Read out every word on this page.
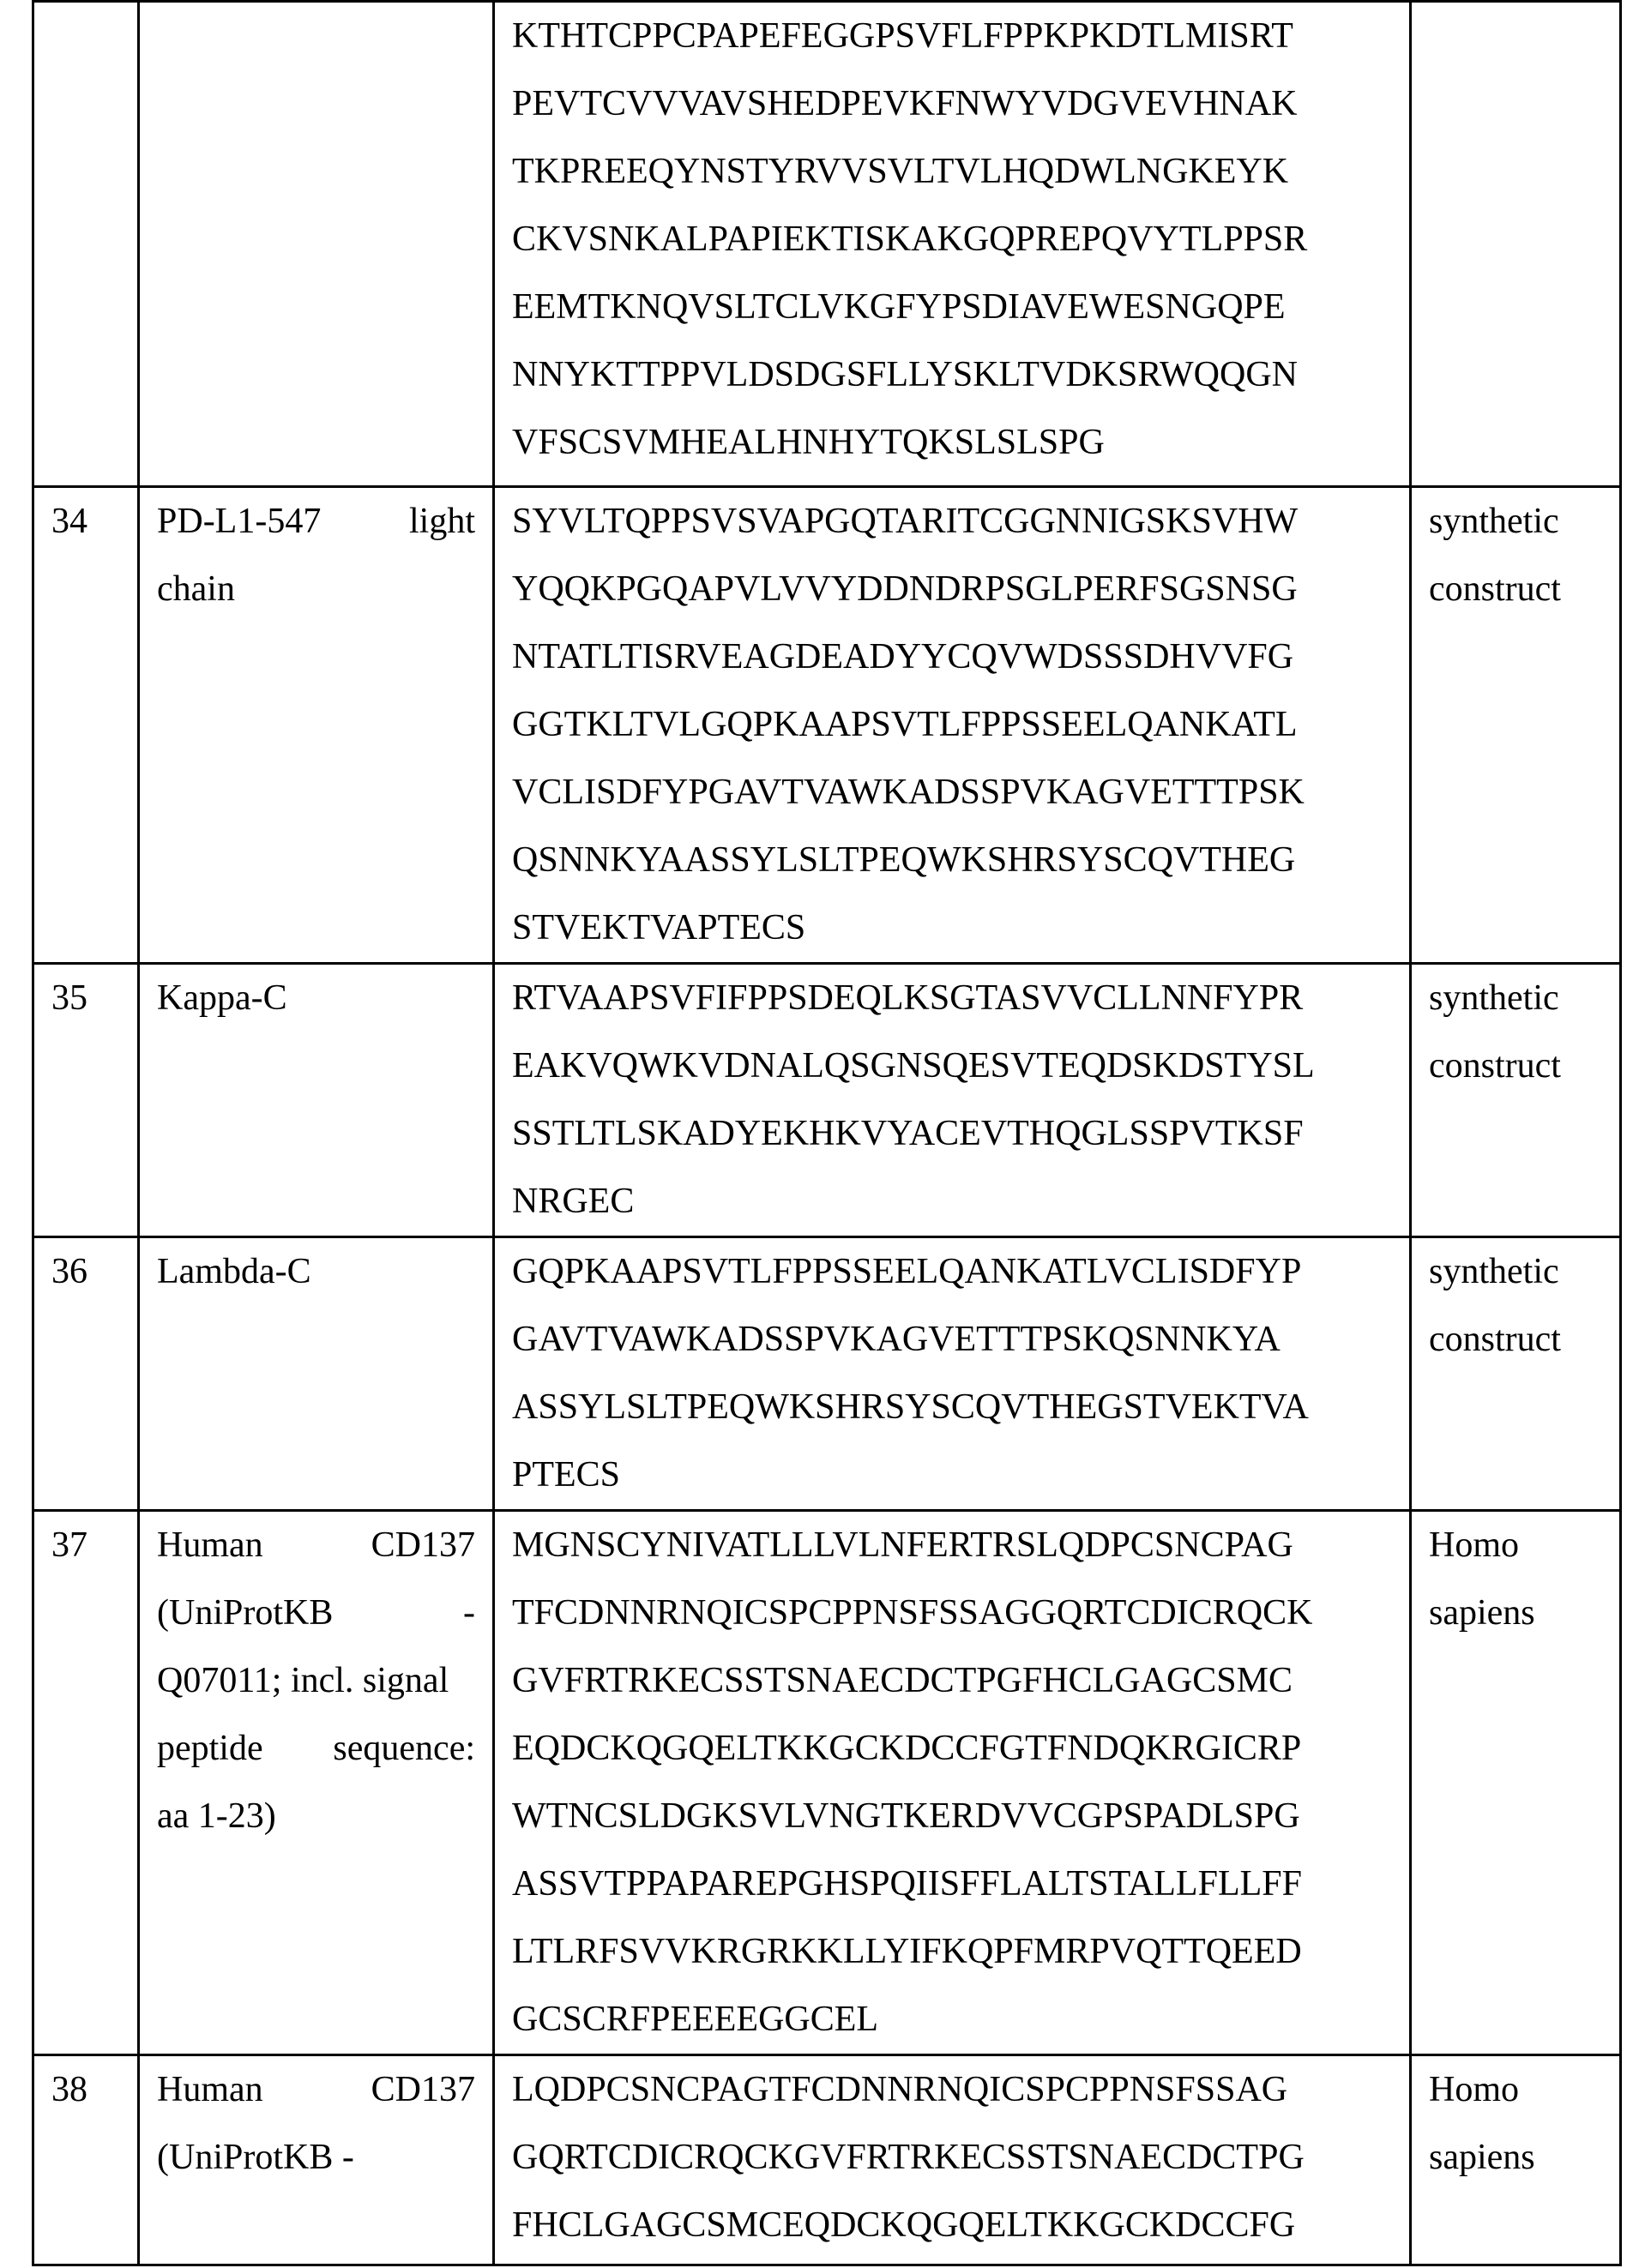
KTHTCPPCPAPEFEGGPSVFLFPPKPKDTLMISRT
PEVTCVVVAVSHEDPEVKFNWYVDGVEVHNAK
TKPREEQYNSTYRVVSVLTVLHQDWLNGKEYK
CKVSNKALPAPIEKTISKAKGQPREPQVYTLPPSR
EEMTKNQVSLTCLVKGFYPSDIAVEWESNGQPE
NNYKTTPPVLDSDGSFLLYSKLTVDKSRWQQGN
VFSCSVMHEALHNHYTQKSLSLSPG

34	PD-L1-547 light
chain

SYVLTQPPSVSVAPGQTARITCGGNNIGSKSVHW
YQQKPGQAPVLVVYDDNDRPSGLPERFSGSNSG
NTATLTISRVEAGDEADYYCQVWDSSSDHVVFG
GGTKLTVLGQPKAAPSVTLFPPSSEELQANKATL
VCLISDFYPGAVTVAWKADSSPVKAGVETTTPSK
QSNNKYAASSYLSLTPEQWKSHRSYSCQVTHEG
STVEKTVAPTECS
	synthetic construct
35	Kappa-C	RTVAAPSVFIFPPSDEQLKSGTASVVCLLNNFYPR
EAKVQWKVDNALQSGNSQESVTEQDSKDSTYSL
SSTLTLSKADYEKHKVYACEVTHQGLSSPVTKSF
NRGEC
	synthetic construct
36	Lambda-C	GQPKAAPSVTLFPPSSEELQANKATLVCLISDFYP
GAVTVAWKADSSPVKAGVETTTPSKQSNNKYA
ASSYLSLTPEQWKSHRSYSCQVTHEGSTVEKTVA
PTECS
	synthetic construct
37	Human CD137
(UniProtKB -
Q07011; incl. signal
peptide sequence:
aa 1-23)

MGNSCYNIVATLLLVLNFERTRSLQDPCSNCPAG
TFCDNNRNQICSPCPPNSFSSAGGQRTCDICRQCK
GVFRTRKECSSTSNAECDCTPGFHCLGAGCSMC
EQDCKQGQELTKKGCKDCCFGTFNDQKRGICRP
WTNCSLDGKSVLVNGTKERDVVCGPSPADLSPG
ASSVTPPAPAREPGHSPQIISFFLALTSTALLFLLFF
LTLRFSVVKRGRKKLLYIFKQPFMRPVQTTQEED
GCSCRFPEEEEGGCEL
	Homo sapiens
38	Human CD137
(UniProtKB -

LQDPCSNCPAGTFCDNNRNQICSPCPPNSFSSAG
GQRTCDICRQCKGVFRTRKECSSTSNAECDCTPG
FHCLGAGCSMCEQDCKQGQELTKKGCKDCCFG
	Homo sapiens
